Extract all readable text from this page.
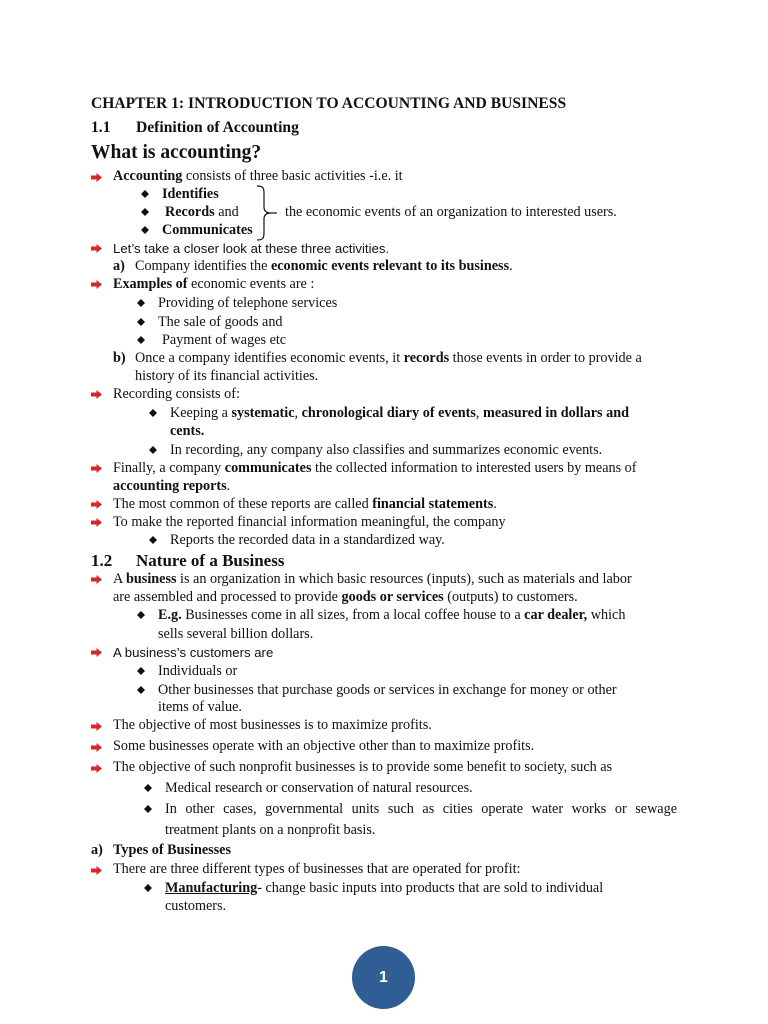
CHAPTER 1: INTRODUCTION TO ACCOUNTING AND BUSINESS
1.1 Definition of Accounting
What is accounting?
Accounting consists of three basic activities -i.e. it
Identifies
Records and
Communicates
the economic events of an organization to interested users.
Let’s take a closer look at these three activities.
a) Company identifies the economic events relevant to its business.
Examples of economic events are :
Providing of telephone services
The sale of goods and
Payment of wages etc
b) Once a company identifies economic events, it records those events in order to provide a
history of its financial activities.
Recording consists of:
Keeping a systematic, chronological diary of events, measured in dollars and
cents.
In recording, any company also classifies and summarizes economic events.
Finally, a company communicates the collected information to interested users by means of
accounting reports.
The most common of these reports are called financial statements.
To make the reported financial information meaningful, the company
Reports the recorded data in a standardized way.
1.2 Nature of a Business
A business is an organization in which basic resources (inputs), such as materials and labor
are assembled and processed to provide goods or services (outputs) to customers.
E.g. Businesses come in all sizes, from a local coffee house to a car dealer, which
sells several billion dollars.
A business’s customers are
Individuals or
Other businesses that purchase goods or services in exchange for money or other
items of value.
The objective of most businesses is to maximize profits.
Some businesses operate with an objective other than to maximize profits.
The objective of such nonprofit businesses is to provide some benefit to society, such as
Medical research or conservation of natural resources.
In other cases, governmental units such as cities operate water works or sewage
treatment plants on a nonprofit basis.
a) Types of Businesses
There are three different types of businesses that are operated for profit:
Manufacturing- change basic inputs into products that are sold to individual
customers.
1
